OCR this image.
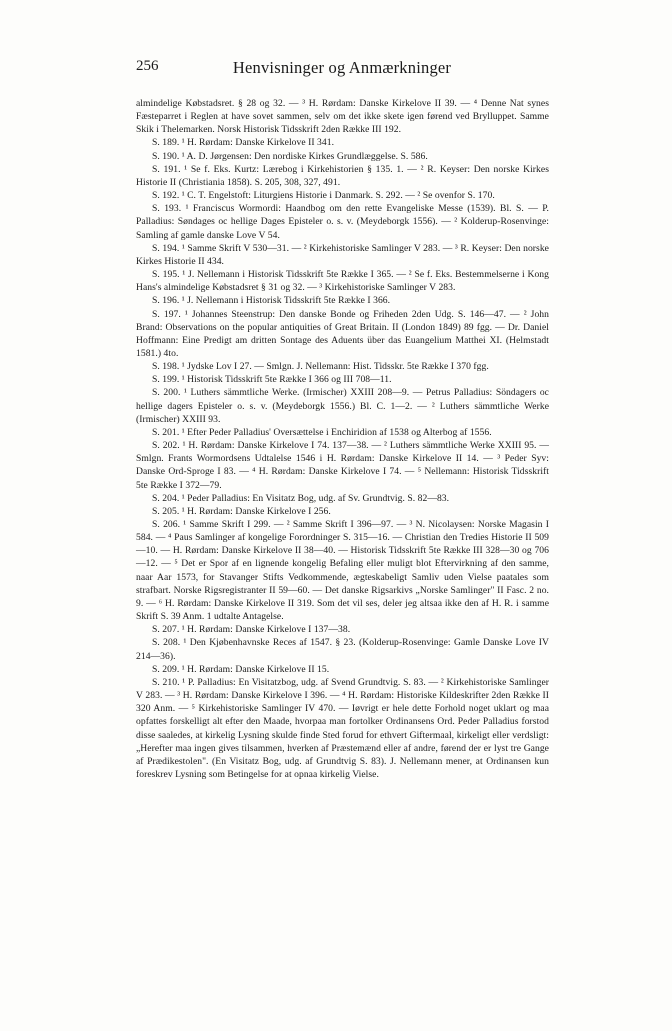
256	Henvisninger og Anmærkninger

almindelige Købstadsret. § 28 og 32. — ³ H. Rørdam: Danske Kirkelove II 39. — ⁴ Denne Nat synes Fæsteparret i Reglen at have sovet sammen, selv om det ikke skete igen førend ved Brylluppet. Samme Skik i Thelemarken. Norsk Historisk Tidsskrift 2den Række III 192.

S. 189. ¹ H. Rørdam: Danske Kirkelove II 341.

S. 190. ¹ A. D. Jørgensen: Den nordiske Kirkes Grundlæggelse. S. 586.

S. 191. ¹ Se f. Eks. Kurtz: Lærebog i Kirkehistorien § 135. 1. — ² R. Keyser: Den norske Kirkes Historie II (Christiania 1858). S. 205, 308, 327, 491.

S. 192. ¹ C. T. Engelstoft: Liturgiens Historie i Danmark. S. 292. — ² Se ovenfor S. 170.

S. 193. ¹ Franciscus Wormordi: Haandbog om den rette Evangeliske Messe (1539). Bl. S. — P. Palladius: Søndages oc hellige Dages Episteler o. s. v. (Meydeborgk 1556). — ² Kolderup-Rosenvinge: Samling af gamle danske Love V 54.

S. 194. ¹ Samme Skrift V 530—31. — ² Kirkehistoriske Samlinger V 283. — ³ R. Keyser: Den norske Kirkes Historie II 434.

S. 195. ¹ J. Nellemann i Historisk Tidsskrift 5te Række I 365. — ² Se f. Eks. Bestemmelserne i Kong Hans's almindelige Købstadsret § 31 og 32. — ³ Kirkehistoriske Samlinger V 283.

S. 196. ¹ J. Nellemann i Historisk Tidsskrift 5te Række I 366.

S. 197. ¹ Johannes Steenstrup: Den danske Bonde og Friheden 2den Udg. S. 146—47. — ² John Brand: Observations on the popular antiquities of Great Britain. II (London 1849) 89 fgg. — Dr. Daniel Hoffmann: Eine Predigt am dritten Sontage des Aduents über das Euangelium Matthei XI. (Helmstadt 1581.) 4to.

S. 198. ¹ Jydske Lov I 27. — Smlgn. J. Nellemann: Hist. Tidsskr. 5te Række I 370 fgg.

S. 199. ¹ Historisk Tidsskrift 5te Række I 366 og III 708—11.

S. 200. ¹ Luthers sämmtliche Werke. (Irmischer) XXIII 208—9. — Petrus Palladius: Söndagers oc hellige dagers Episteler o. s. v. (Meydeborgk 1556.) Bl. C. 1—2. — ² Luthers sämmtliche Werke (Irmischer) XXIII 93.

S. 201. ¹ Efter Peder Palladius' Oversættelse i Enchiridion af 1538 og Alterbog af 1556.

S. 202. ¹ H. Rørdam: Danske Kirkelove I 74. 137—38. — ² Luthers sämmtliche Werke XXIII 95. — Smlgn. Frants Wormordsens Udtalelse 1546 i H. Rørdam: Danske Kirkelove II 14. — ³ Peder Syv: Danske Ord-Sproge I 83. — ⁴ H. Rørdam: Danske Kirkelove I 74. — ⁵ Nellemann: Historisk Tidsskrift 5te Række I 372—79.

S. 204. ¹ Peder Palladius: En Visitatz Bog, udg. af Sv. Grundtvig. S. 82—83.

S. 205. ¹ H. Rørdam: Danske Kirkelove I 256.

S. 206. ¹ Samme Skrift I 299. — ² Samme Skrift I 396—97. — ³ N. Nicolaysen: Norske Magasin I 584. — ⁴ Paus Samlinger af kongelige Forordninger S. 315—16. — Christian den Tredies Historie II 509—10. — H. Rørdam: Danske Kirkelove II 38—40. — Historisk Tidsskrift 5te Række III 328—30 og 706—12. — ⁵ Det er Spor af en lignende kongelig Befaling eller muligt blot Eftervirkning af den samme, naar Aar 1573, for Stavanger Stifts Vedkommende, ægteskabeligt Samliv uden Vielse paatales som strafbart. Norske Rigsregistranter II 59—60. — Det danske Rigsarkivs „Norske Samlinger" II Fasc. 2 no. 9. — ⁶ H. Rørdam: Danske Kirkelove II 319. Som det vil ses, deler jeg altsaa ikke den af H. R. i samme Skrift S. 39 Anm. 1 udtalte Antagelse.

S. 207. ¹ H. Rørdam: Danske Kirkelove I 137—38.

S. 208. ¹ Den Kjøbenhavnske Reces af 1547. § 23. (Kolderup-Rosenvinge: Gamle Danske Love IV 214—36).

S. 209. ¹ H. Rørdam: Danske Kirkelove II 15.

S. 210. ¹ P. Palladius: En Visitatzbog, udg. af Svend Grundtvig. S. 83. — ² Kirkehistoriske Samlinger V 283. — ³ H. Rørdam: Danske Kirkelove I 396. — ⁴ H. Rørdam: Historiske Kildeskrifter 2den Række II 320 Anm. — ⁵ Kirkehistoriske Samlinger IV 470. — Iøvrigt er hele dette Forhold noget uklart og maa opfattes forskelligt alt efter den Maade, hvorpaa man fortolker Ordinansens Ord. Peder Palladius forstod disse saaledes, at kirkelig Lysning skulde finde Sted forud for ethvert Giftermaal, kirkeligt eller verdsligt: „Herefter maa ingen gives tilsammen, hverken af Præstemænd eller af andre, førend der er lyst tre Gange af Prædikestolen". (En Visitatz Bog, udg. af Grundtvig S. 83). J. Nellemann mener, at Ordinansen kun foreskrev Lysning som Betingelse for at opnaa kirkelig Vielse.
